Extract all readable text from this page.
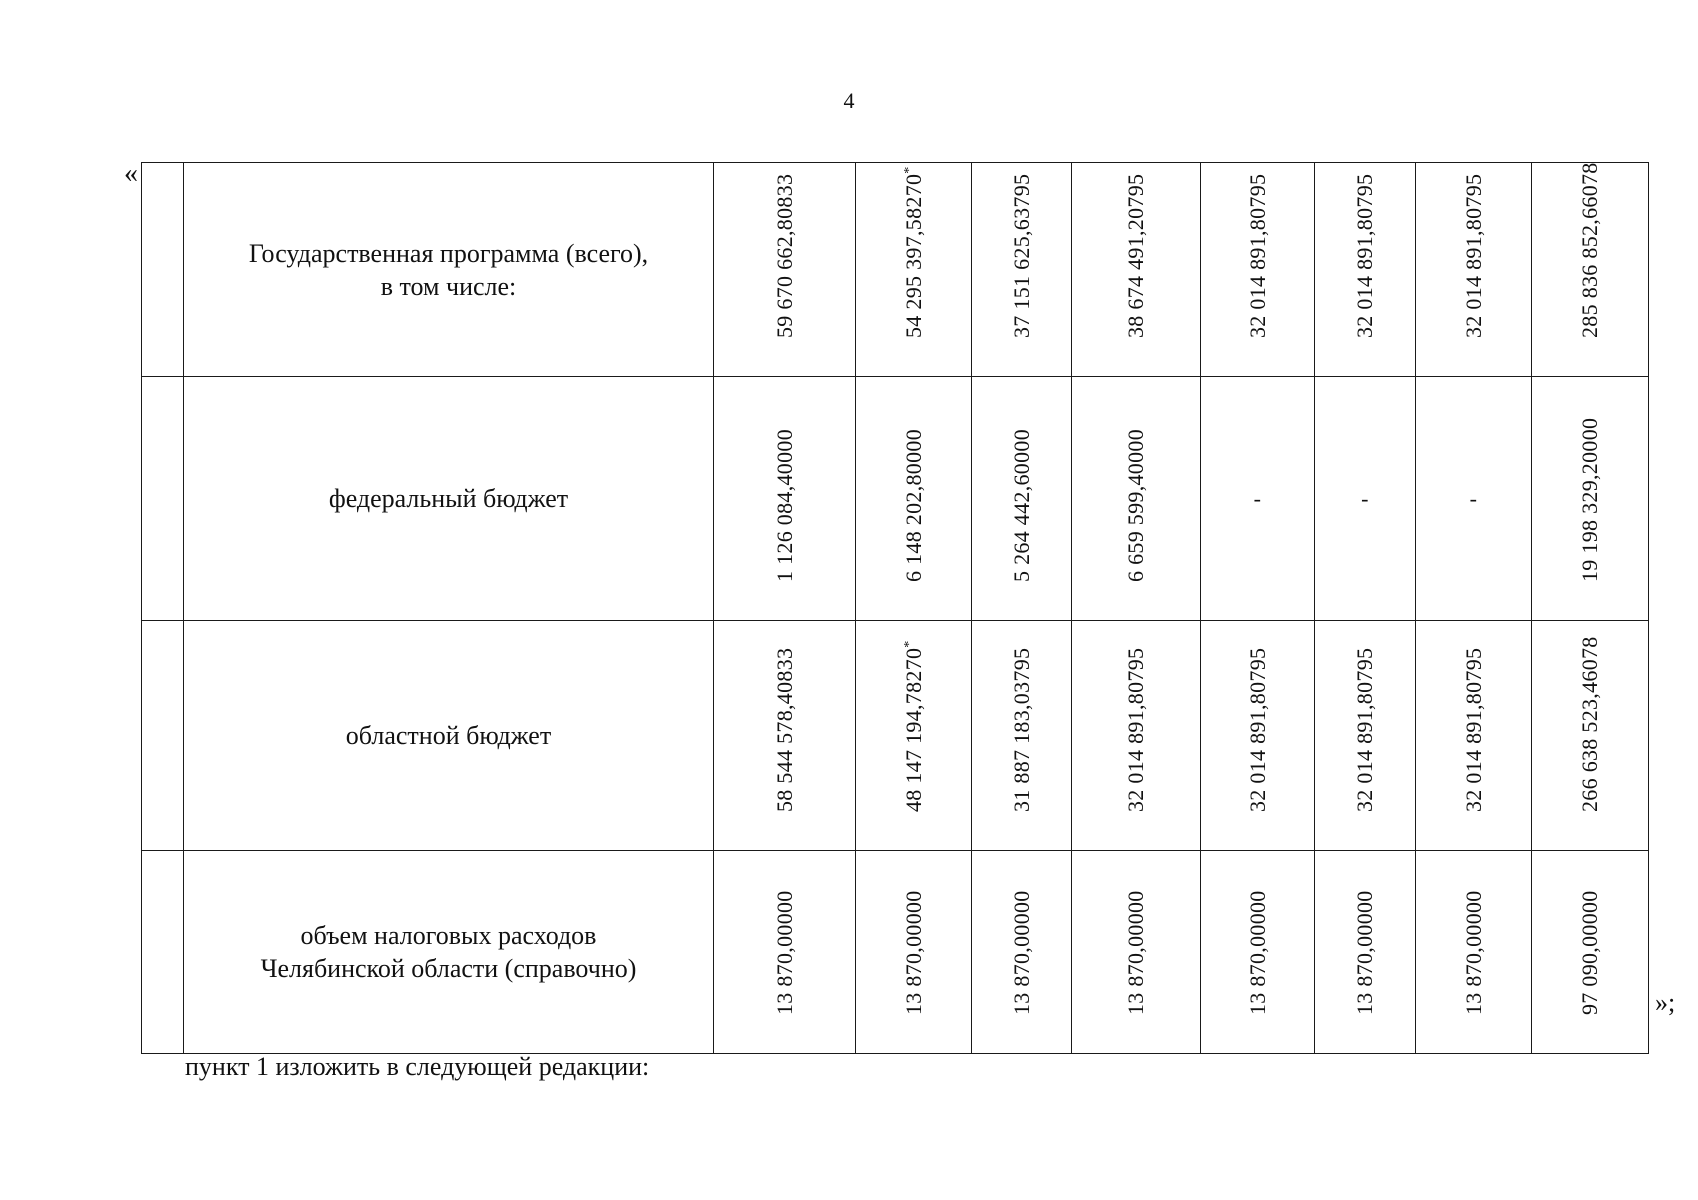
4
«
»;

	Государственная программа (всего),
в том числе:	59 670 662,80833	54 295 397,58270*	37 151 625,63795	38 674 491,20795	32 014 891,80795	32 014 891,80795	32 014 891,80795	285 836 852,66078

	федеральный бюджет	1 126 084,40000	6 148 202,80000	5 264 442,60000	6 659 599,40000	-	-	-	19 198 329,20000

	областной бюджет	58 544 578,40833	48 147 194,78270*	31 887 183,03795	32 014 891,80795	32 014 891,80795	32 014 891,80795	32 014 891,80795	266 638 523,46078

	объем налоговых расходов
Челябинской области (справочно)	13 870,00000	13 870,00000	13 870,00000	13 870,00000	13 870,00000	13 870,00000	13 870,00000	97 090,00000
пункт 1 изложить в следующей редакции:
